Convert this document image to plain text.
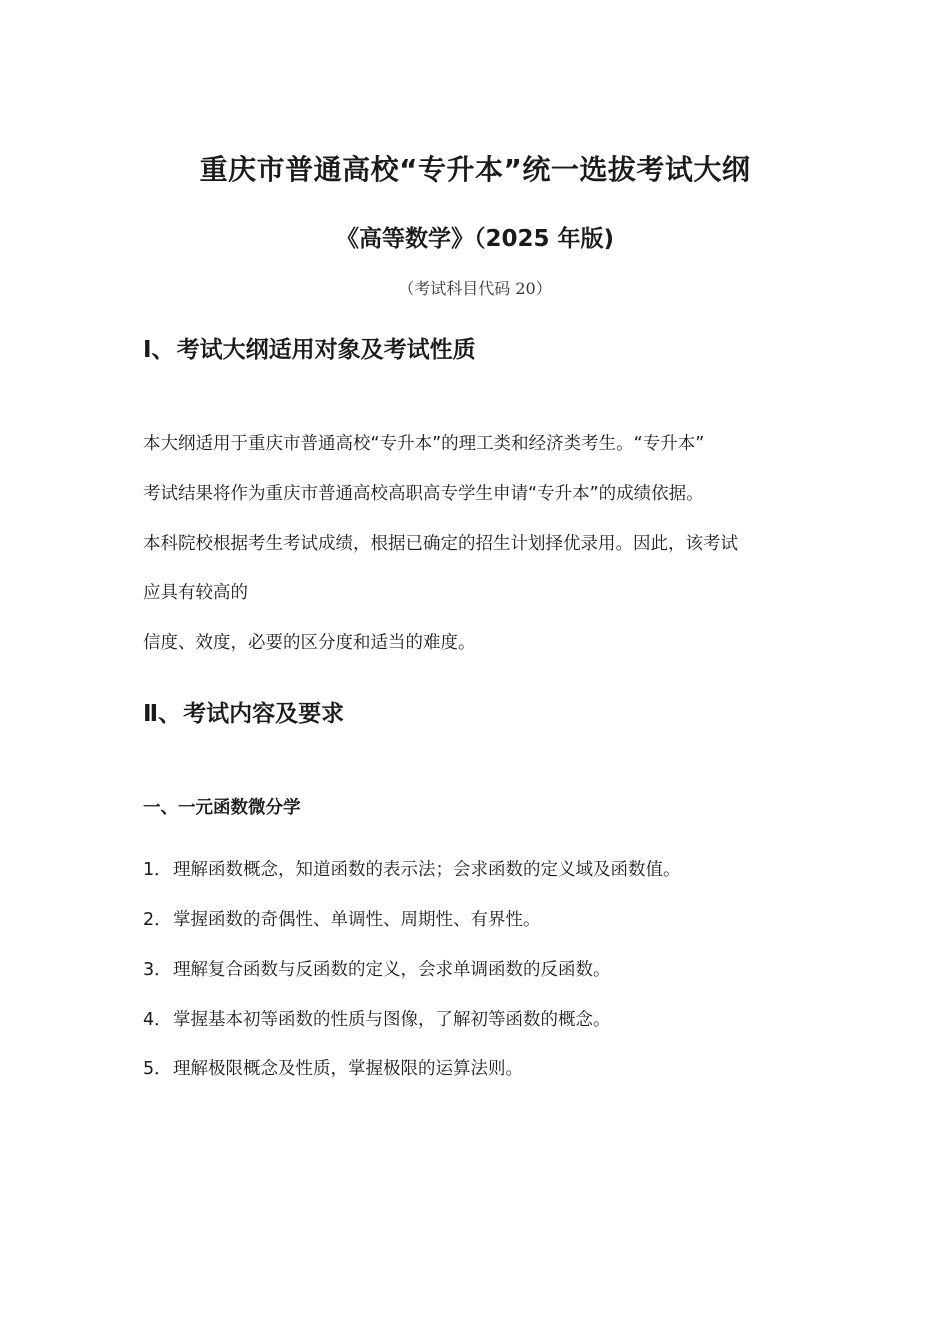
重庆市普通高校“专升本”统一选拔考试大纲
《高等数学》（2025 年版)
（考试科目代码 20）
Ⅰ、考试大纲适用对象及考试性质
本大纲适用于重庆市普通高校“专升本”的理工类和经济类考生。“专升本”
考试结果将作为重庆市普通高校高职高专学生申请“专升本”的成绩依据。
本科院校根据考生考试成绩，根据已确定的招生计划择优录用。因此，该考试
应具有较高的
信度、效度，必要的区分度和适当的难度。
Ⅱ、考试内容及要求
一、一元函数微分学
1．理解函数概念，知道函数的表示法；会求函数的定义域及函数值。
2．掌握函数的奇偶性、单调性、周期性、有界性。
3．理解复合函数与反函数的定义，会求单调函数的反函数。
4．掌握基本初等函数的性质与图像，了解初等函数的概念。
5．理解极限概念及性质，掌握极限的运算法则。
